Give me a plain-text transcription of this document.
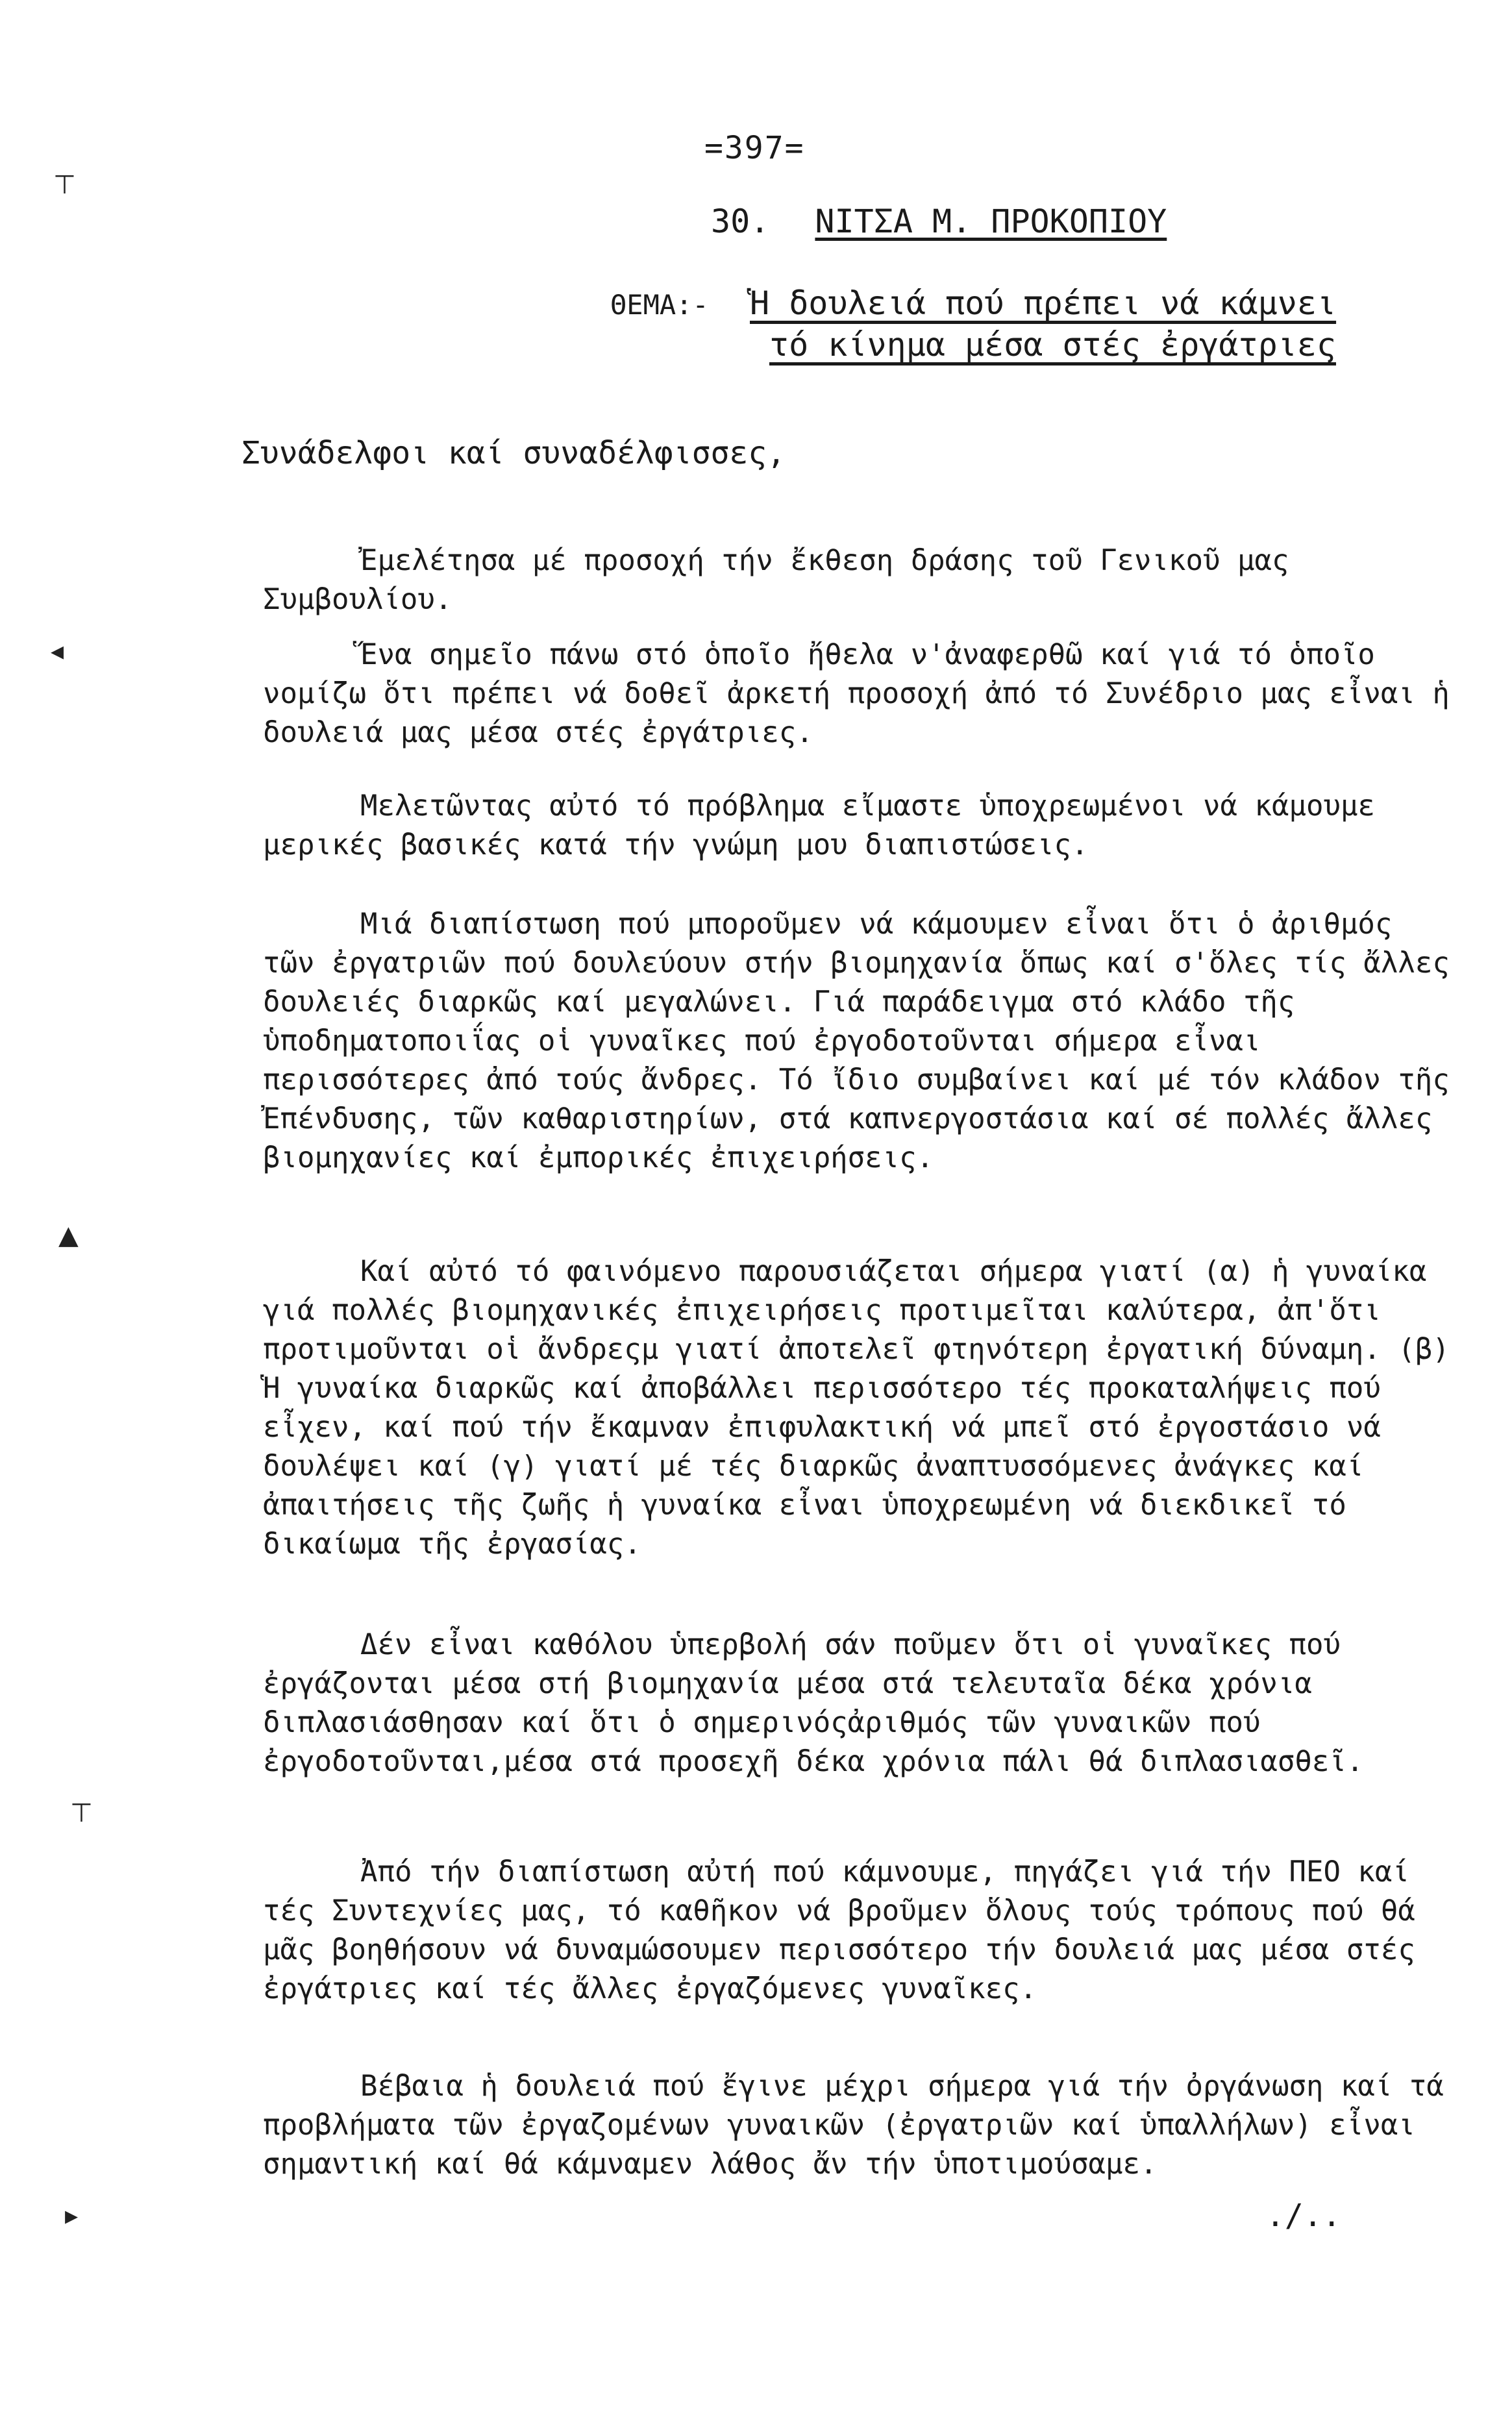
=397=
30. ΝΙΤΣΑ Μ. ΠΡΟΚΟΠΙΟΥ
ΘΕΜΑ:- Ἡ δουλειά πού πρέπει νά κάμνει
τό κίνημα μέσα στές ἐργάτριες
Συνάδελφοι καί συναδέλφισσες,

Ἐμελέτησα μέ προσοχή τήν ἔκθεση δράσης τοῦ Γενικοῦ μας Συμβουλίου.

Ἕνα σημεῖο πάνω στό ὁποῖο ἤθελα ν'ἀναφερθῶ καί γιά τό ὁποῖο νομίζω ὅτι πρέπει νά δοθεῖ ἀρκετή προσοχή ἀπό τό Συνέδριο μας εἶναι ἡ δουλειά μας μέσα στές ἐργάτριες.

Μελετῶντας αὐτό τό πρόβλημα εἴμαστε ὑποχρεωμένοι νά κάμουμε μερικές βασικές κατά τήν γνώμη μου διαπιστώσεις.

Μιά διαπίστωση πού μποροῦμεν νά κάμουμεν εἶναι ὅτι ὁ ἀριθμός τῶν ἐργατριῶν πού δουλεύουν στήν βιομηχανία ὅπως καί σ'ὅλες τίς ἄλλες δουλειές διαρκῶς καί μεγαλώνει. Γιά παράδειγμα στό κλάδο τῆς ὑποδηματοποιΐας οἱ γυναῖκες πού ἐργοδοτοῦνται σήμερα εἶναι περισσότερες ἀπό τούς ἄνδρες. Τό ἴδιο συμβαίνει καί μέ τόν κλάδον τῆς Ἐπένδυσης, τῶν καθαριστηρίων, στά καπνεργοστάσια καί σέ πολλές ἄλλες βιομηχανίες καί ἐμπορικές ἐπιχειρήσεις.

Καί αὐτό τό φαινόμενο παρουσιάζεται σήμερα γιατί (α) ἡ γυναίκα γιά πολλές βιομηχανικές ἐπιχειρήσεις προτιμεῖται καλύτερα, ἀπ'ὅτι προτιμοῦνται οἱ ἄνδρεςμ γιατί ἀποτελεῖ φτηνότερη ἐργατική δύναμη. (β) Ἡ γυναίκα διαρκῶς καί ἀποβάλλει περισσότερο τές προκαταλήψεις πού εἶχεν, καί πού τήν ἔκαμναν ἐπιφυλακτική νά μπεῖ στό ἐργοστάσιο νά δουλέψει καί (γ) γιατί μέ τές διαρκῶς ἀναπτυσσόμενες ἀνάγκες καί ἀπαιτήσεις τῆς ζωῆς ἡ γυναίκα εἶναι ὑποχρεωμένη νά διεκδικεῖ τό δικαίωμα τῆς ἐργασίας.

Δέν εἶναι καθόλου ὑπερβολή σάν ποῦμεν ὅτι οἱ γυναῖκες πού ἐργάζονται μέσα στή βιομηχανία μέσα στά τελευταῖα δέκα χρόνια διπλασιάσθησαν καί ὅτι ὁ σημερινόςἀριθμός τῶν γυναικῶν πού ἐργοδοτοῦνται,μέσα στά προσεχῆ δέκα χρόνια πάλι θά διπλασιασθεῖ.

Ἀπό τήν διαπίστωση αὐτή πού κάμνουμε, πηγάζει γιά τήν ΠΕΟ καί τές Συντεχνίες μας, τό καθῆκον νά βροῦμεν ὅλους τούς τρόπους πού θά μᾶς βοηθήσουν νά δυναμώσουμεν περισσότερο τήν δουλειά μας μέσα στές ἐργάτριες καί τές ἄλλες ἐργαζόμενες γυναῖκες.

Βέβαια ἡ δουλειά πού ἔγινε μέχρι σήμερα γιά τήν ὀργάνωση καί τά προβλήματα τῶν ἐργαζομένων γυναικῶν (ἐργατριῶν καί ὑπαλλήλων) εἶναι σημαντική καί θά κάμναμεν λάθος ἄν τήν ὑποτιμούσαμε.

./..
⊤
◂
▲
⊤
▸
